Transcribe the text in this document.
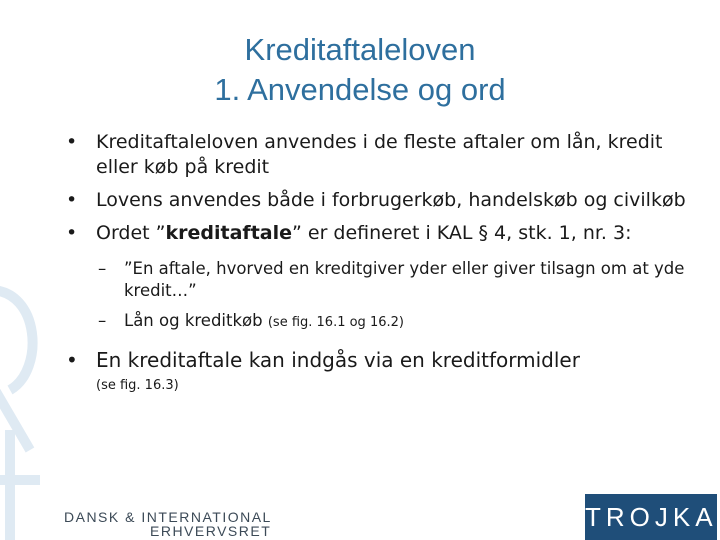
Kreditaftaleloven
1. Anvendelse og ord
• Kreditaftaleloven anvendes i de fleste aftaler om lån, kredit eller køb på kredit
• Lovens anvendes både i forbrugerkøb, handelskøb og civilkøb
• Ordet ”kreditaftale” er defineret i KAL § 4, stk. 1, nr. 3:
– ”En aftale, hvorved en kreditgiver yder eller giver tilsagn om at yde kredit…”
– Lån og kreditkøb (se fig. 16.1 og 16.2)
• En kreditaftale kan indgås via en kreditformidler
(se fig. 16.3)
DANSK & INTERNATIONAL
ERHVERVSRET	TROJKA
